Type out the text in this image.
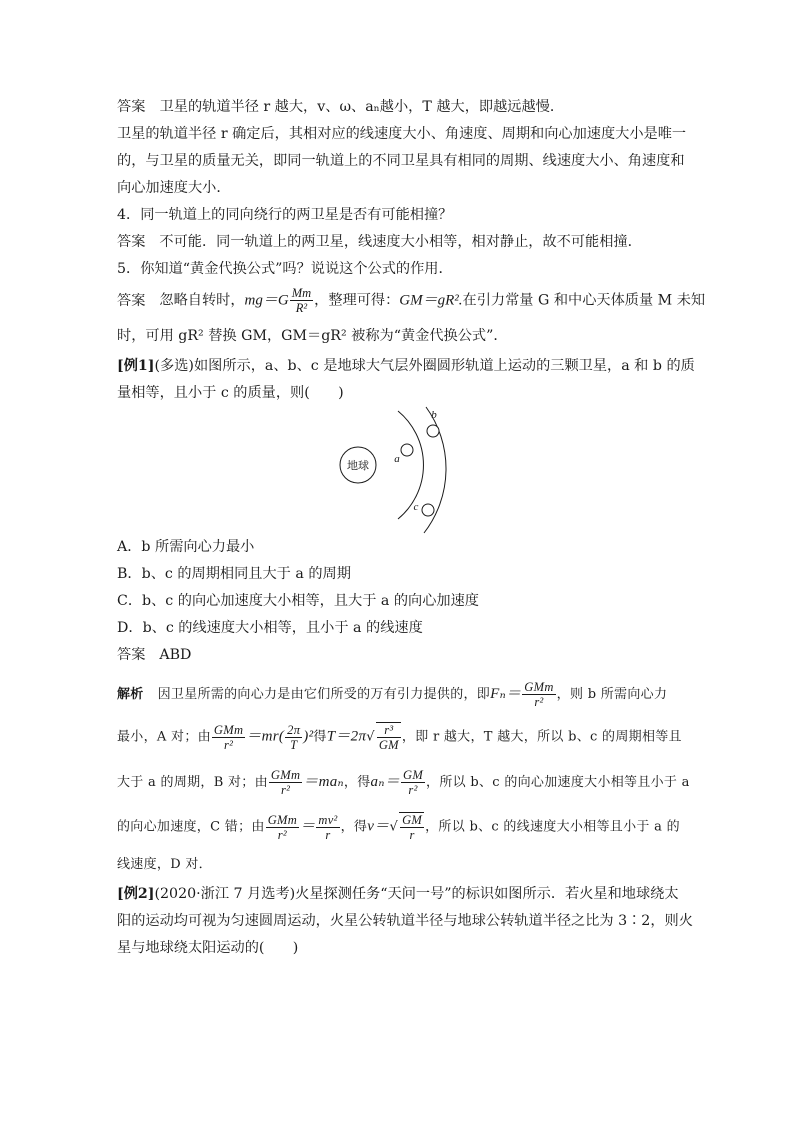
答案　卫星的轨道半径 r 越大，v、ω、aₙ越小，T 越大，即越远越慢．
卫星的轨道半径 r 确定后，其相对应的线速度大小、角速度、周期和向心加速度大小是唯一
的，与卫星的质量无关，即同一轨道上的不同卫星具有相同的周期、线速度大小、角速度和
向心加速度大小．
4．同一轨道上的同向绕行的两卫星是否有可能相撞？
答案 不可能．同一轨道上的两卫星，线速度大小相等，相对静止，故不可能相撞．
5．你知道“黄金代换公式”吗？说说这个公式的作用．
答案 忽略自转时，$mg=G \frac{Mm}{\text{R²}}$ ，整理可得：GM＝gR².在引力常量 G 和中心天体质量 M 未知
时，可用 gR² 替换 GM，GM＝gR² 被称为“黄金代换公式”．
[例1](多选)如图所示，a、b、c 是地球大气层外圈圆形轨道上运动的三颗卫星，a 和 b 的质
量相等，且小于 c 的质量，则(　　)
地球 a
b
c
A．b 所需向心力最小
B．b、c 的周期相同且大于 a 的周期
C．b、c 的向心加速度大小相等，且大于 a 的向心加速度
D．b、c 的线速度大小相等，且小于 a 的线速度
答案 ABD
解析 因卫星所需的向心力是由它们所受的万有引力提供的，即$F_n= \frac{\text{GMm}}{\text{r²}}$ ，则 b 所需向心力
最小，A 对；由 $\frac{\text{GMm}}{\text{r²}} =mr( \frac{2\pi}{T} )^2$得$T=2\pi√ \frac{\text{r³}}{GM}$ ，即 r 越大，T 越大，所以 b、c 的周期相等且
大于 a 的周期，B 对；由 $\frac{\text{GMm}}{\text{r²}} =ma_n$，得$a_n= \frac{GM}{\text{r²}}$ ，所以 b、c 的向心加速度大小相等且小于 a
的向心加速度，C 错；由 $\frac{\text{GMm}}{\text{r²}} = \frac{\text{mv²}}{r}$ ，得$v=√ \frac{GM}{r}$ ，所以 b、c 的线速度大小相等且小于 a 的
线速度，D 对．
[例2](2020·浙江 7 月选考)火星探测任务“天问一号”的标识如图所示．若火星和地球绕太
阳的运动均可视为匀速圆周运动，火星公转轨道半径与地球公转轨道半径之比为 3∶2，则火
星与地球绕太阳运动的(　　)
